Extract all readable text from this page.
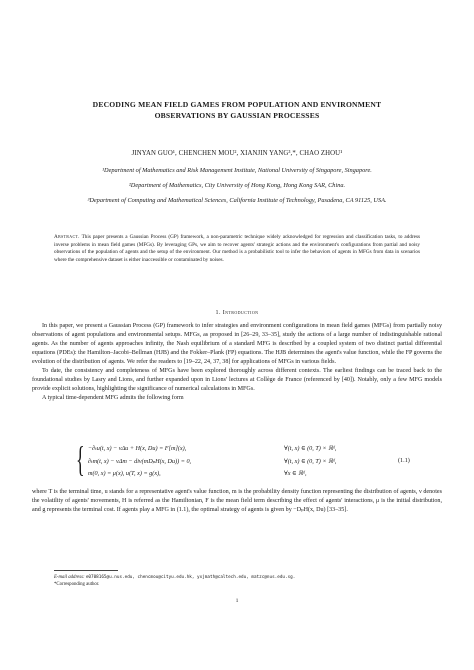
DECODING MEAN FIELD GAMES FROM POPULATION AND ENVIRONMENT
OBSERVATIONS BY GAUSSIAN PROCESSES
JINYAN GUO¹, CHENCHEN MOU², XIANJIN YANG³,*, CHAO ZHOU¹
¹Department of Mathematics and Risk Management Institute, National University of Singapore, Singapore.
²Department of Mathematics, City University of Hong Kong, Hong Kong SAR, China.
³Department of Computing and Mathematical Sciences, California Institute of Technology, Pasadena, CA 91125, USA.
Abstract. This paper presents a Gaussian Process (GP) framework, a non-parametric technique widely acknowledged for regression and classification tasks, to address inverse problems in mean field games (MFGs). By leveraging GPs, we aim to recover agents' strategic actions and the environment's configurations from partial and noisy observations of the population of agents and the setup of the environment. Our method is a probabilistic tool to infer the behaviors of agents in MFGs from data in scenarios where the comprehensive dataset is either inaccessible or contaminated by noises.
1. Introduction

In this paper, we present a Gaussian Process (GP) framework to infer strategies and environment configurations in mean field games (MFGs) from partially noisy observations of agent populations and environmental setups. MFGs, as proposed in [26–29, 33–35], study the actions of a large number of indistinguishable rational agents. As the number of agents approaches infinity, the Nash equilibrium of a standard MFG is described by a coupled system of two distinct partial differential equations (PDEs): the Hamilton–Jacobi–Bellman (HJB) and the Fokker–Plank (FP) equations. The HJB determines the agent's value function, while the FP governs the evolution of the distribution of agents. We refer the readers to [19–22, 24, 37, 38] for applications of MFGs in various fields.

To date, the consistency and completeness of MFGs have been explored thoroughly across different contexts. The earliest findings can be traced back to the foundational studies by Lasry and Lions, and further expanded upon in Lions' lectures at Collège de France (referenced by [40]). Notably, only a few MFG models provide explicit solutions, highlighting the significance of numerical calculations in MFGs.

A typical time-dependent MFG admits the following form

{ −∂ₜu(t, x) − νΔu + H(x, Du) = F[m](x),
∂ₜm(t, x) − νΔm − div(mDₚH(x, Du)) = 0,
m(0, x) = μ(x), u(T, x) = g(x),
∀(t, x) ∈ (0, T) × ℝᵈ,
∀(t, x) ∈ (0, T) × ℝᵈ,
∀x ∈ ℝᵈ,
(1.1)

where T is the terminal time, u stands for a representative agent's value function, m is the probability density function representing the distribution of agents, ν denotes the volatility of agents' movements, H is referred as the Hamiltonian, F is the mean field term describing the effect of agents' interactions, μ is the initial distribution, and g represents the terminal cost. If agents play a MFG in (1.1), the optimal strategy of agents is given by −DₚH(x, Du) [33–35].

E-mail address: e0708165@u.nus.edu, chencmou@cityu.edu.hk, yxjmath@caltech.edu, matzc@nus.edu.sg.
*Corresponding author.
1
